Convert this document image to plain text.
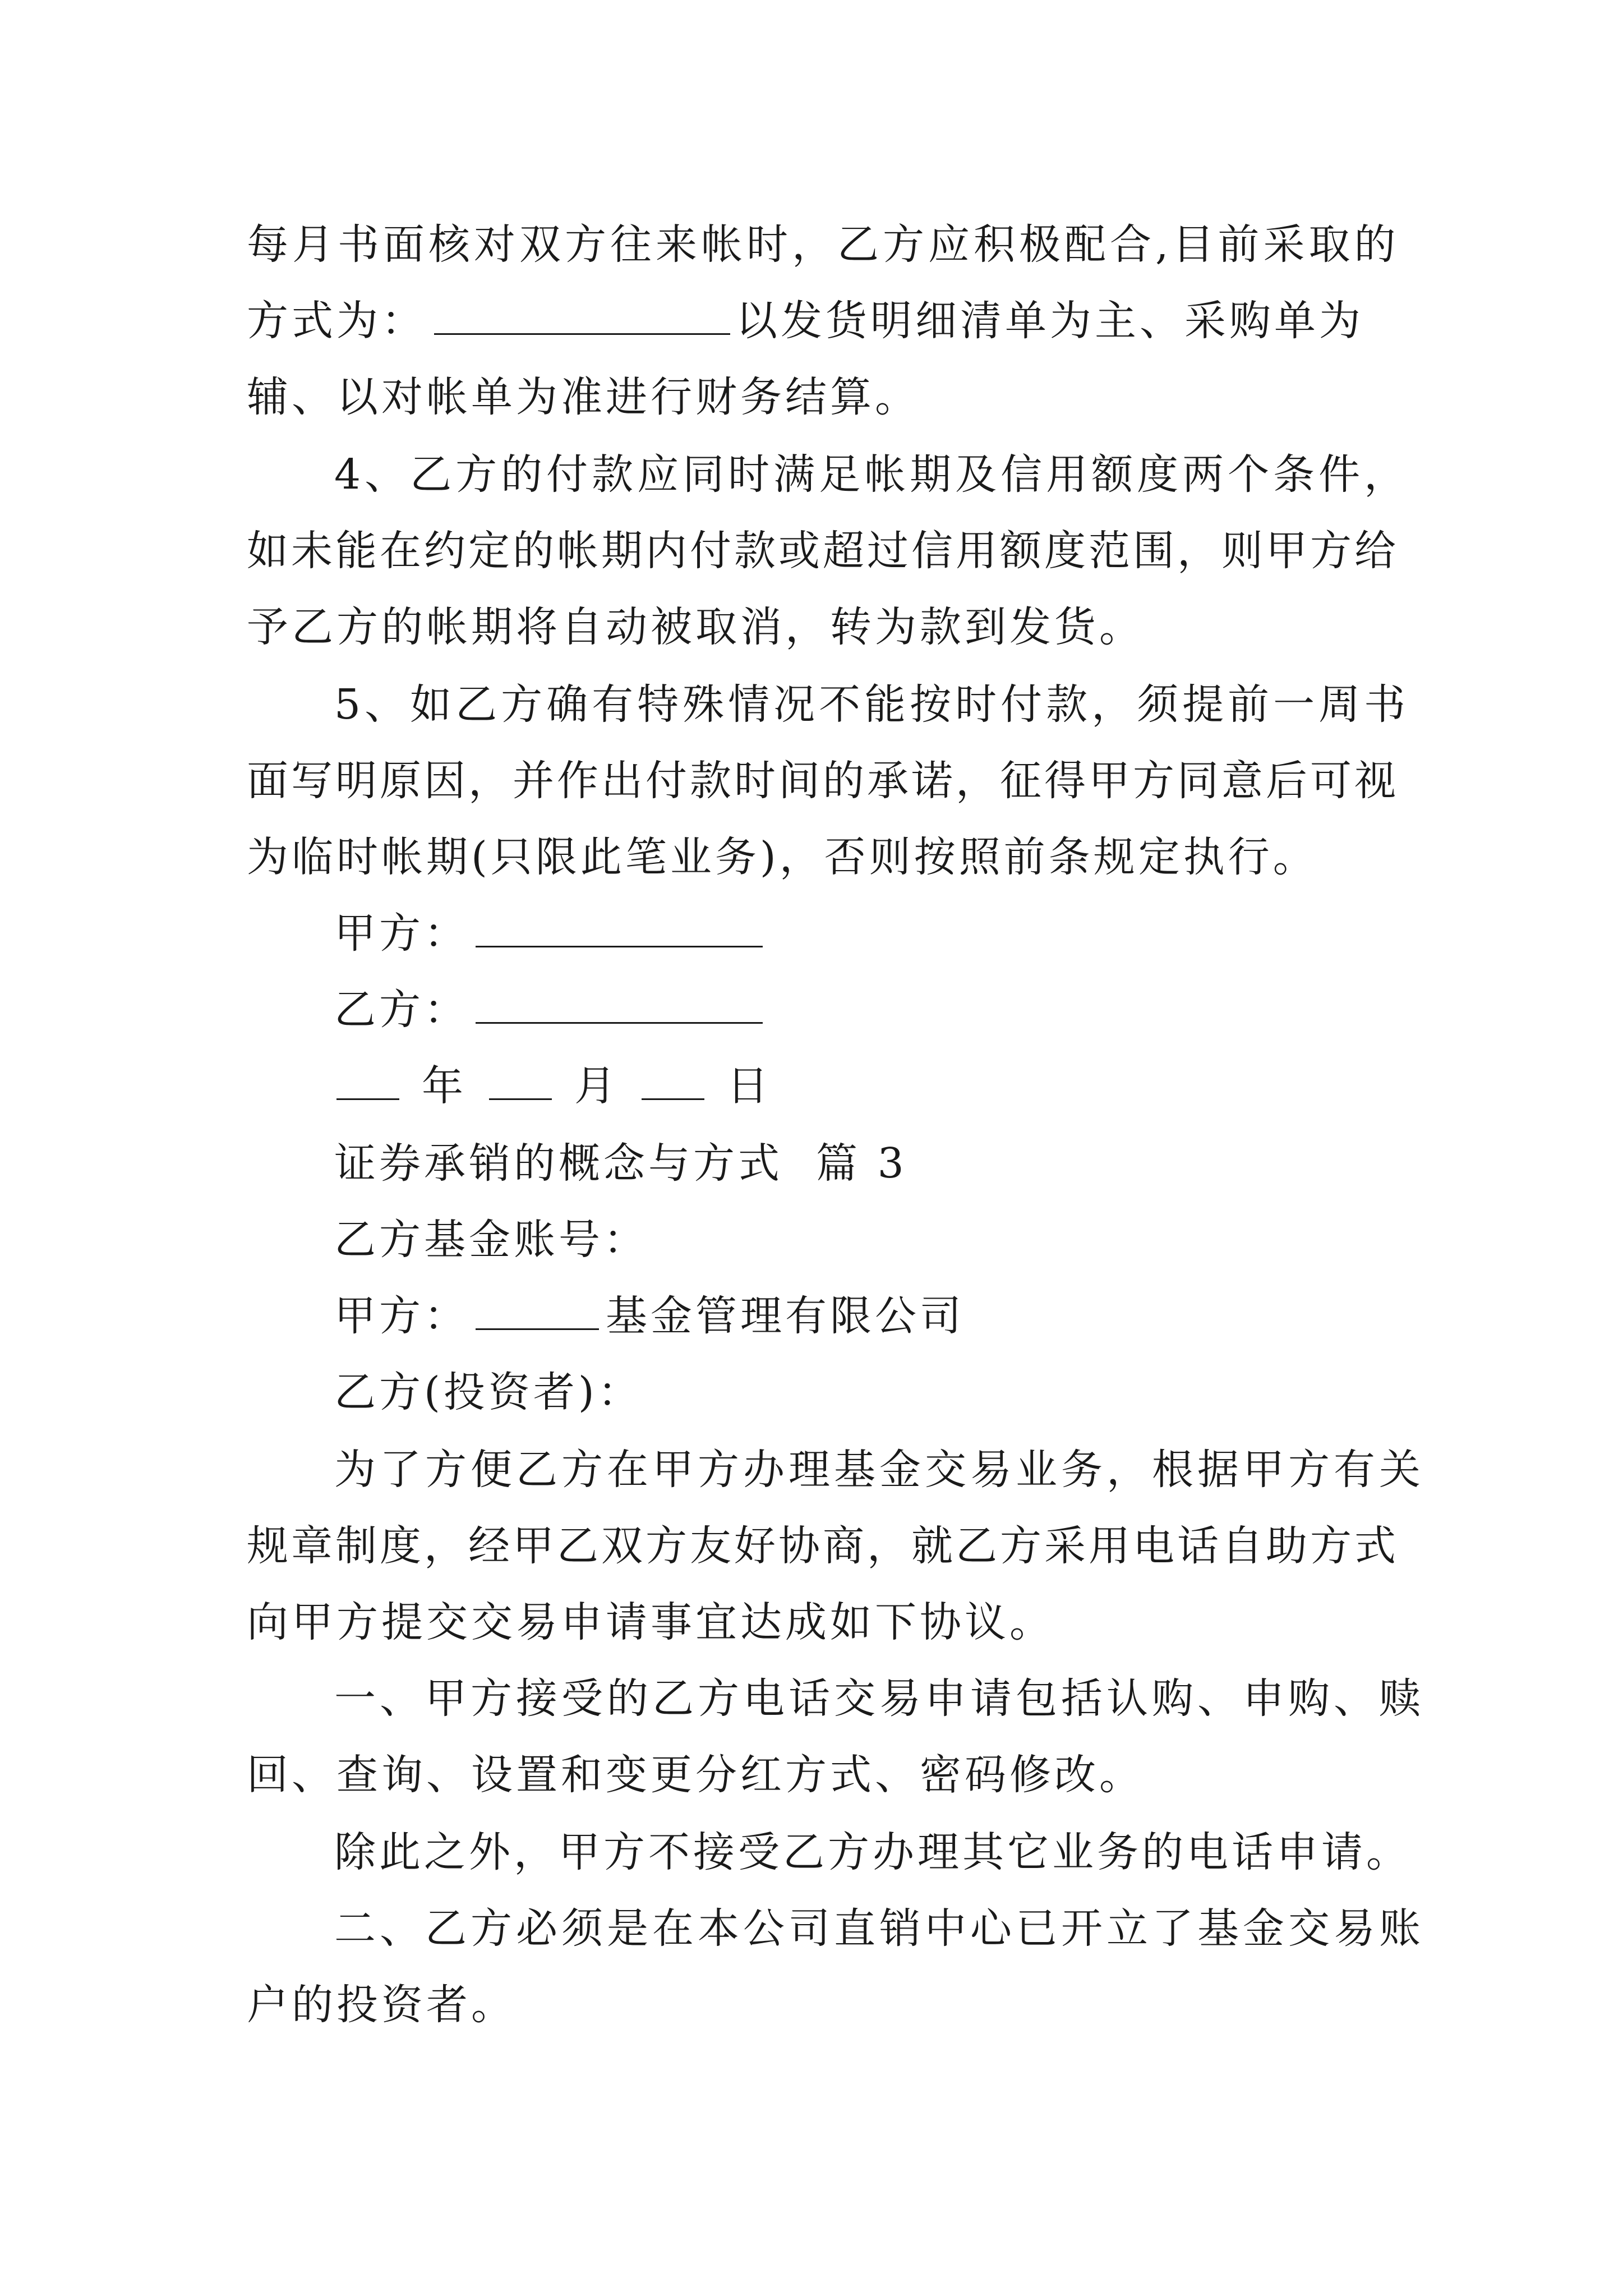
每月书面核对双方往来帐时，乙方应积极配合,目前采取的
方式为：	以发货明细清单为主、采购单为
辅、以对帐单为准进行财务结算。
4、乙方的付款应同时满足帐期及信用额度两个条件，
如未能在约定的帐期内付款或超过信用额度范围，则甲方给
予乙方的帐期将自动被取消，转为款到发货。
5、如乙方确有特殊情况不能按时付款，须提前一周书
面写明原因，并作出付款时间的承诺，征得甲方同意后可视
为临时帐期(只限此笔业务)，否则按照前条规定执行。
甲方：
乙方：
年	月	日
证券承销的概念与方式  篇 3
乙方基金账号：
甲方：	基金管理有限公司
乙方(投资者)：
为了方便乙方在甲方办理基金交易业务，根据甲方有关
规章制度，经甲乙双方友好协商，就乙方采用电话自助方式
向甲方提交交易申请事宜达成如下协议。
一、甲方接受的乙方电话交易申请包括认购、申购、赎
回、查询、设置和变更分红方式、密码修改。
除此之外，甲方不接受乙方办理其它业务的电话申请。
二、乙方必须是在本公司直销中心已开立了基金交易账
户的投资者。
